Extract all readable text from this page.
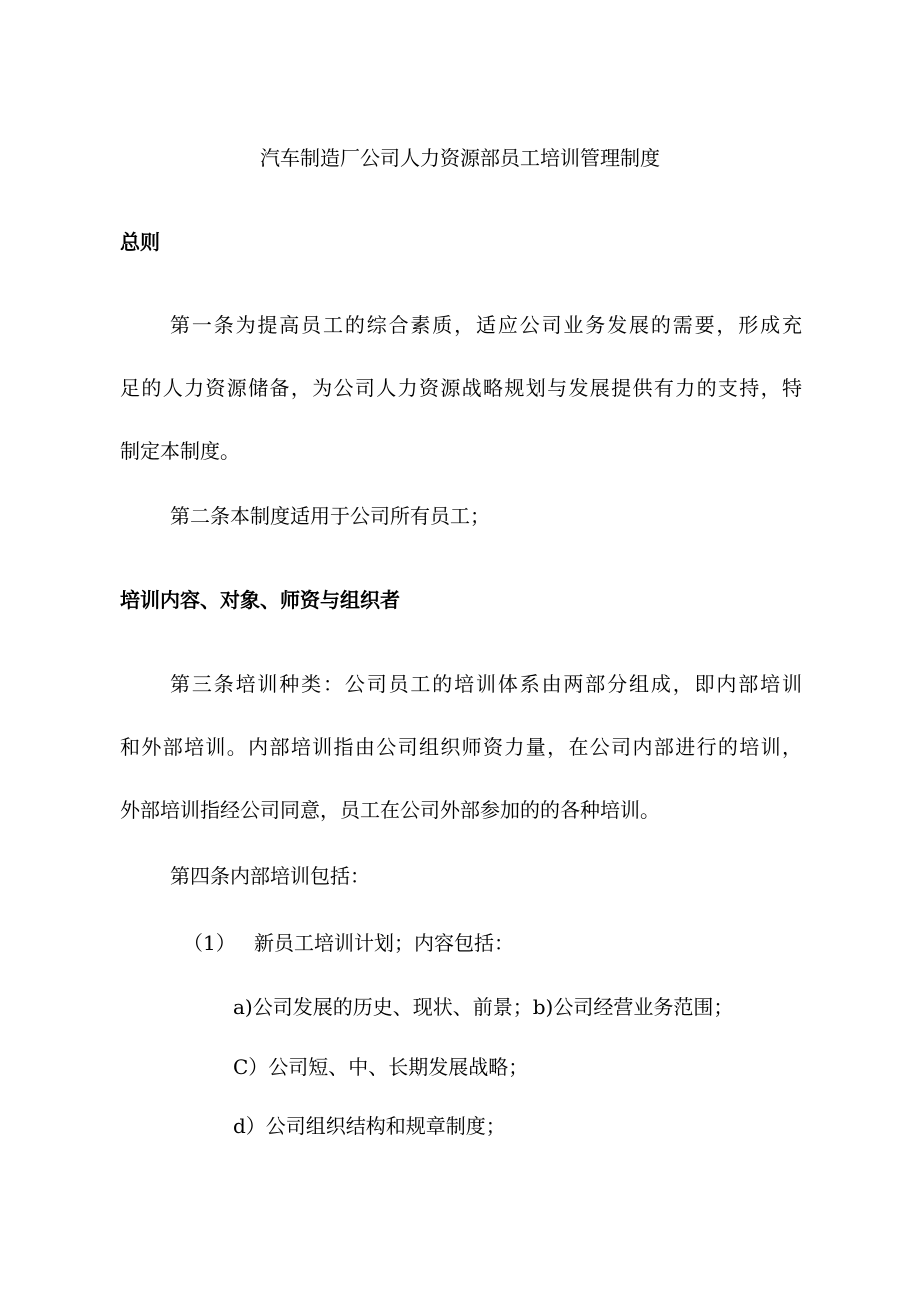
汽车制造厂公司人力资源部员工培训管理制度
总则
第一条为提高员工的综合素质，适应公司业务发展的需要，形成充
足的人力资源储备，为公司人力资源战略规划与发展提供有力的支持，特
制定本制度。
第二条本制度适用于公司所有员工；
培训内容、对象、师资与组织者
第三条培训种类：公司员工的培训体系由两部分组成，即内部培训
和外部培训。内部培训指由公司组织师资力量，在公司内部进行的培训，
外部培训指经公司同意，员工在公司外部参加的的各种培训。
第四条内部培训包括：
（1） 新员工培训计划；内容包括：
a)公司发展的历史、现状、前景；b)公司经营业务范围；
C）公司短、中、长期发展战略；
d）公司组织结构和规章制度；
